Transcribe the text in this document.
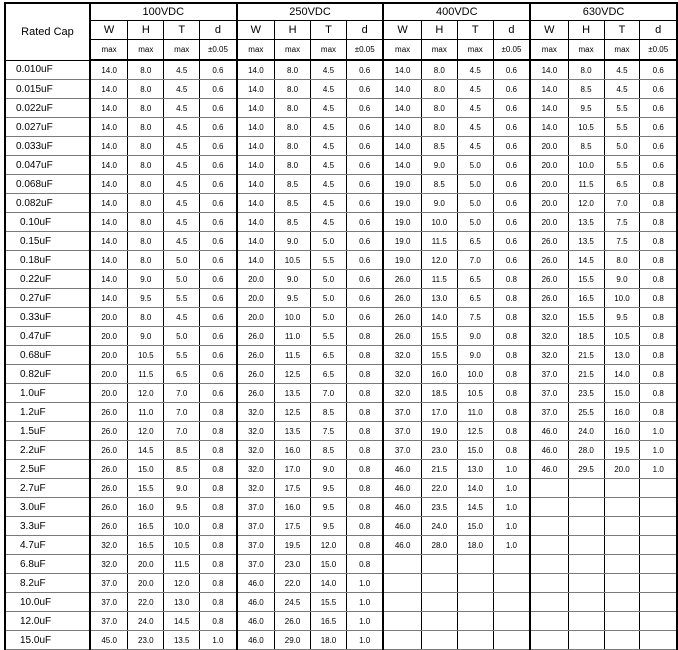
Rated Cap	100VDC				250VDC				400VDC				630VDC			
	W	H	T	d	W	H	T	d	W	H	T	d	W	H	T	d
	max	max	max	±0.05	max	max	max	±0.05	max	max	max	±0.05	max	max	max	±0.05
0.010uF	14.0	8.0	4.5	0.6	14.0	8.0	4.5	0.6	14.0	8.0	4.5	0.6	14.0	8.0	4.5	0.6
0.015uF	14.0	8.0	4.5	0.6	14.0	8.0	4.5	0.6	14.0	8.0	4.5	0.6	14.0	8.5	4.5	0.6
0.022uF	14.0	8.0	4.5	0.6	14.0	8.0	4.5	0.6	14.0	8.0	4.5	0.6	14.0	9.5	5.5	0.6
0.027uF	14.0	8.0	4.5	0.6	14.0	8.0	4.5	0.6	14.0	8.0	4.5	0.6	14.0	10.5	5.5	0.6
0.033uF	14.0	8.0	4.5	0.6	14.0	8.0	4.5	0.6	14.0	8.5	4.5	0.6	20.0	8.5	5.0	0.6
0.047uF	14.0	8.0	4.5	0.6	14.0	8.0	4.5	0.6	14.0	9.0	5.0	0.6	20.0	10.0	5.5	0.6
0.068uF	14.0	8.0	4.5	0.6	14.0	8.5	4.5	0.6	19.0	8.5	5.0	0.6	20.0	11.5	6.5	0.8
0.082uF	14.0	8.0	4.5	0.6	14.0	8.5	4.5	0.6	19.0	9.0	5.0	0.6	20.0	12.0	7.0	0.8
0.10uF	14.0	8.0	4.5	0.6	14.0	8.5	4.5	0.6	19.0	10.0	5.0	0.6	20.0	13.5	7.5	0.8
0.15uF	14.0	8.0	4.5	0.6	14.0	9.0	5.0	0.6	19.0	11.5	6.5	0.6	26.0	13.5	7.5	0.8
0.18uF	14.0	8.0	5.0	0.6	14.0	10.5	5.5	0.6	19.0	12.0	7.0	0.6	26.0	14.5	8.0	0.8
0.22uF	14.0	9.0	5.0	0.6	20.0	9.0	5.0	0.6	26.0	11.5	6.5	0.8	26.0	15.5	9.0	0.8
0.27uF	14.0	9.5	5.5	0.6	20.0	9.5	5.0	0.6	26.0	13.0	6.5	0.8	26.0	16.5	10.0	0.8
0.33uF	20.0	8.0	4.5	0.6	20.0	10.0	5.0	0.6	26.0	14.0	7.5	0.8	32.0	15.5	9.5	0.8
0.47uF	20.0	9.0	5.0	0.6	26.0	11.0	5.5	0.8	26.0	15.5	9.0	0.8	32.0	18.5	10.5	0.8
0.68uF	20.0	10.5	5.5	0.6	26.0	11.5	6.5	0.8	32.0	15.5	9.0	0.8	32.0	21.5	13.0	0.8
0.82uF	20.0	11.5	6.5	0.6	26.0	12.5	6.5	0.8	32.0	16.0	10.0	0.8	37.0	21.5	14.0	0.8
1.0uF	20.0	12.0	7.0	0.6	26.0	13.5	7.0	0.8	32.0	18.5	10.5	0.8	37.0	23.5	15.0	0.8
1.2uF	26.0	11.0	7.0	0.8	32.0	12.5	8.5	0.8	37.0	17.0	11.0	0.8	37.0	25.5	16.0	0.8
1.5uF	26.0	12.0	7.0	0.8	32.0	13.5	7.5	0.8	37.0	19.0	12.5	0.8	46.0	24.0	16.0	1.0
2.2uF	26.0	14.5	8.5	0.8	32.0	16.0	8.5	0.8	37.0	23.0	15.0	0.8	46.0	28.0	19.5	1.0
2.5uF	26.0	15.0	8.5	0.8	32.0	17.0	9.0	0.8	46.0	21.5	13.0	1.0	46.0	29.5	20.0	1.0
2.7uF	26.0	15.5	9.0	0.8	32.0	17.5	9.5	0.8	46.0	22.0	14.0	1.0				
3.0uF	26.0	16.0	9.5	0.8	37.0	16.0	9.5	0.8	46.0	23.5	14.5	1.0				
3.3uF	26.0	16.5	10.0	0.8	37.0	17.5	9.5	0.8	46.0	24.0	15.0	1.0				
4.7uF	32.0	16.5	10.5	0.8	37.0	19.5	12.0	0.8	46.0	28.0	18.0	1.0				
6.8uF	32.0	20.0	11.5	0.8	37.0	23.0	15.0	0.8								
8.2uF	37.0	20.0	12.0	0.8	46.0	22.0	14.0	1.0								
10.0uF	37.0	22.0	13.0	0.8	46.0	24.5	15.5	1.0								
12.0uF	37.0	24.0	14.5	0.8	46.0	26.0	16.5	1.0								
15.0uF	45.0	23.0	13.5	1.0	46.0	29.0	18.0	1.0								
